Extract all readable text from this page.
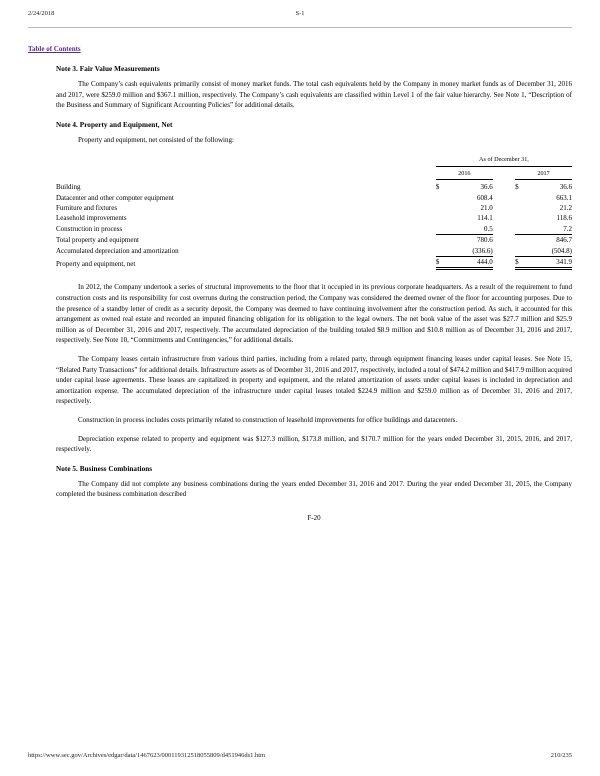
2/24/2018	S-1
Table of Contents
Note 3. Fair Value Measurements

The Company’s cash equivalents primarily consist of money market funds. The total cash equivalents held by the Company in money market funds as of December 31, 2016 and 2017, were $259.0 million and $367.1 million, respectively. The Company’s cash equivalents are classified within Level 1 of the fair value hierarchy. See Note 1, “Description of the Business and Summary of Significant Accounting Policies” for additional details.

Note 4. Property and Equipment, Net

Property and equipment, net consisted of the following:

		As of December 31,				

		2016			2017	

Building		$	36.6		$	36.6
Datacenter and other computer equipment			608.4			663.1
Furniture and fixtures			21.0			21.2
Leasehold improvements			114.1			118.6
Construction in process			0.5			7.2
Total property and equipment			780.6			846.7
Accumulated depreciation and amortization			(336.6)			(504.8)
Property and equipment, net		$	444.0		$	341.9

In 2012, the Company undertook a series of structural improvements to the floor that it occupied in its previous corporate headquarters. As a result of the requirement to fund construction costs and its responsibility for cost overruns during the construction period, the Company was considered the deemed owner of the floor for accounting purposes. Due to the presence of a standby letter of credit as a security deposit, the Company was deemed to have continuing involvement after the construction period. As such, it accounted for this arrangement as owned real estate and recorded an imputed financing obligation for its obligation to the legal owners. The net book value of the asset was $27.7 million and $25.9 million as of December 31, 2016 and 2017, respectively. The accumulated depreciation of the building totaled $8.9 million and $10.8 million as of December 31, 2016 and 2017, respectively. See Note 10, “Commitments and Contingencies,” for additional details.

The Company leases certain infrastructure from various third parties, including from a related party, through equipment financing leases under capital leases. See Note 15, “Related Party Transactions” for additional details. Infrastructure assets as of December 31, 2016 and 2017, respectively, included a total of $474.2 million and $417.9 million acquired under capital lease agreements. These leases are capitalized in property and equipment, and the related amortization of assets under capital leases is included in depreciation and amortization expense. The accumulated depreciation of the infrastructure under capital leases totaled $224.9 million and $259.0 million as of December 31, 2016 and 2017, respectively.

Construction in process includes costs primarily related to construction of leasehold improvements for office buildings and datacenters.

Depreciation expense related to property and equipment was $127.3 million, $173.8 million, and $170.7 million for the years ended December 31, 2015, 2016, and 2017, respectively.

Note 5. Business Combinations

The Company did not complete any business combinations during the years ended December 31, 2016 and 2017. During the year ended December 31, 2015, the Company completed the business combination described

F-20
https://www.sec.gov/Archives/edgar/data/1467623/000119312518055809/d451946ds1.htm	210/235
